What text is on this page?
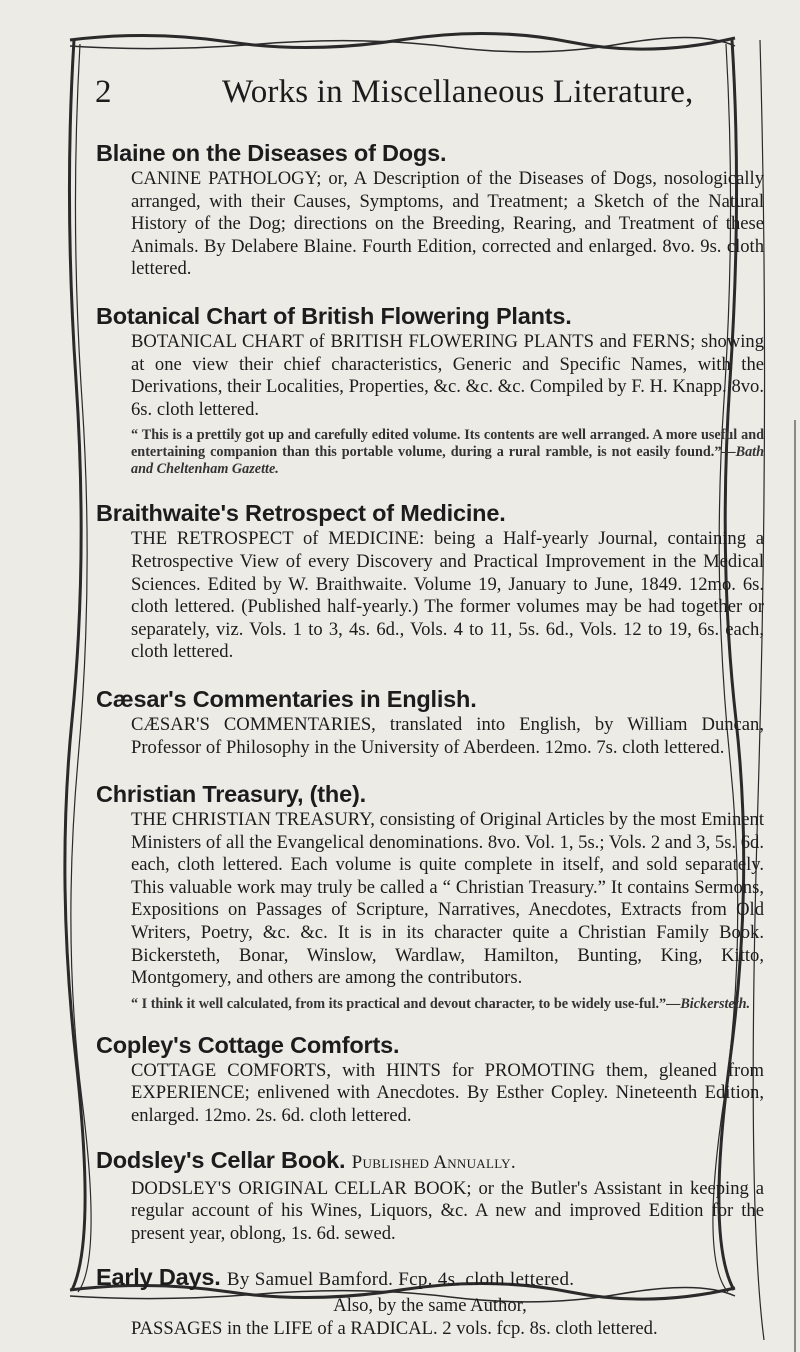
2	Works in Miscellaneous Literature,

Blaine on the Diseases of Dogs.

CANINE PATHOLOGY; or, A Description of the Diseases of Dogs, nosologically arranged, with their Causes, Symptoms, and Treatment; a Sketch of the Natural History of the Dog; directions on the Breeding, Rearing, and Treatment of these Animals. By Delabere Blaine. Fourth Edition, corrected and enlarged. 8vo. 9s. cloth lettered.

Botanical Chart of British Flowering Plants.

BOTANICAL CHART of BRITISH FLOWERING PLANTS and FERNS; showing at one view their chief characteristics, Generic and Specific Names, with the Derivations, their Localities, Properties, &c. &c. &c. Compiled by F. H. Knapp. 8vo. 6s. cloth lettered.

“ This is a prettily got up and carefully edited volume. Its contents are well arranged. A more useful and entertaining companion than this portable volume, during a rural ramble, is not easily found.”—Bath and Cheltenham Gazette.

Braithwaite's Retrospect of Medicine.

THE RETROSPECT of MEDICINE: being a Half-yearly Journal, containing a Retrospective View of every Discovery and Practical Improvement in the Medical Sciences. Edited by W. Braithwaite. Volume 19, January to June, 1849. 12mo. 6s. cloth lettered. (Published half-yearly.) The former volumes may be had together or separately, viz. Vols. 1 to 3, 4s. 6d., Vols. 4 to 11, 5s. 6d., Vols. 12 to 19, 6s. each, cloth lettered.

Cæsar's Commentaries in English.

CÆSAR'S COMMENTARIES, translated into English, by William Duncan, Professor of Philosophy in the University of Aberdeen. 12mo. 7s. cloth lettered.

Christian Treasury, (the).

THE CHRISTIAN TREASURY, consisting of Original Articles by the most Eminent Ministers of all the Evangelical denominations. 8vo. Vol. 1, 5s.; Vols. 2 and 3, 5s. 6d. each, cloth lettered. Each volume is quite complete in itself, and sold separately. This valuable work may truly be called a “ Christian Treasury.” It contains Sermons, Expositions on Passages of Scripture, Narratives, Anecdotes, Extracts from Old Writers, Poetry, &c. &c. It is in its character quite a Christian Family Book. Bickersteth, Bonar, Winslow, Wardlaw, Hamilton, Bunting, King, Kitto, Montgomery, and others are among the contributors.

“ I think it well calculated, from its practical and devout character, to be widely use-ful.”—Bickersteth.

Copley's Cottage Comforts.

COTTAGE COMFORTS, with HINTS for PROMOTING them, gleaned from EXPERIENCE; enlivened with Anecdotes. By Esther Copley. Nineteenth Edition, enlarged. 12mo. 2s. 6d. cloth lettered.

Dodsley's Cellar Book. Published Annually.

DODSLEY'S ORIGINAL CELLAR BOOK; or the Butler's Assistant in keeping a regular account of his Wines, Liquors, &c. A new and improved Edition for the present year, oblong, 1s. 6d. sewed.

Early Days. By Samuel Bamford. Fcp. 4s. cloth lettered.

Also, by the same Author,

PASSAGES in the LIFE of a RADICAL. 2 vols. fcp. 8s. cloth lettered.
